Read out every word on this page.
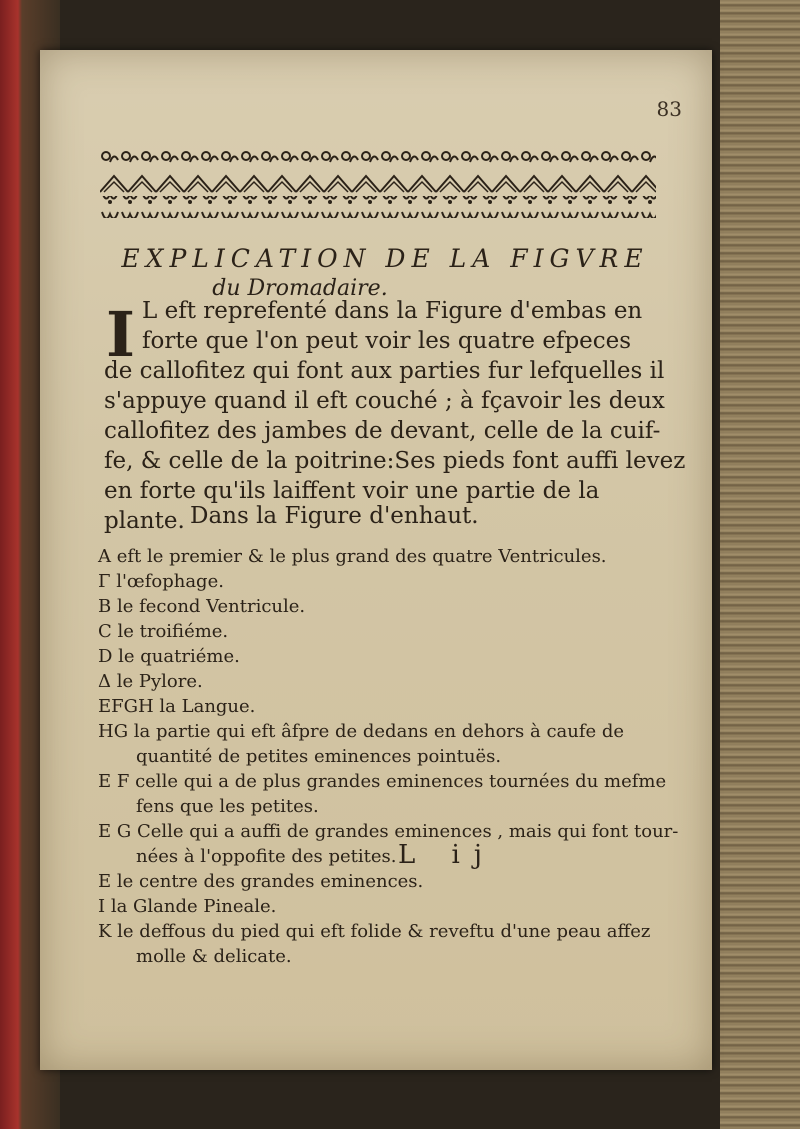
83
EXPLICATION DE LA FIGVRE
du Dromadaire.
I L eft reprefenté dans la Figure d'embas en
forte que l'on peut voir les quatre efpeces
de callofitez qui font aux parties fur lefquelles il
s'appuye quand il eft couché ; à fçavoir les deux
callofitez des jambes de devant, celle de la cuif-
fe, & celle de la poitrine:Ses pieds font auffi levez
en forte qu'ils laiffent voir une partie de la
plante. Dans la Figure d'enhaut.
A eft le premier & le plus grand des quatre Ventricules.
Γ l'œfophage.
B le fecond Ventricule.
C le troifiéme.
D le quatriéme.
Δ le Pylore.
EFGH la Langue.
HG la partie qui eft âfpre de dedans en dehors à caufe de
quantité de petites eminences pointuës.
E F celle qui a de plus grandes eminences tournées du mefme
fens que les petites.
E G Celle qui a auffi de grandes eminences , mais qui font tour-
nées à l'oppofite des petites.
E le centre des grandes eminences.
I la Glande Pineale.
K le deffous du pied qui eft folide & reveftu d'une peau affez
molle & delicate.
L ij
